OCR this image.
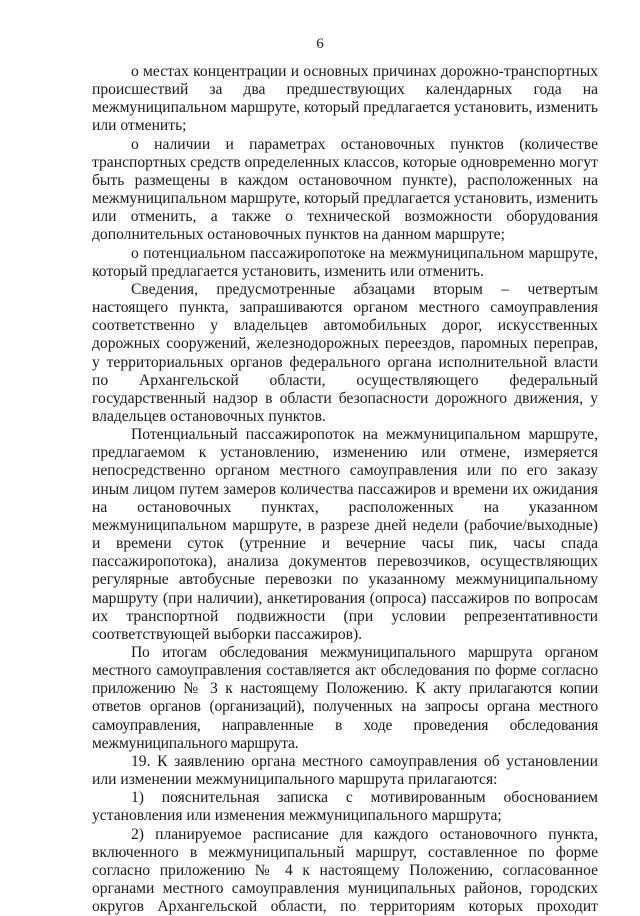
6

о местах концентрации и основных причинах дорожно-транспортных происшествий за два предшествующих календарных года на межмуниципальном маршруте, который предлагается установить, изменить или отменить;

о наличии и параметрах остановочных пунктов (количестве транспортных средств определенных классов, которые одновременно могут быть размещены в каждом остановочном пункте), расположенных на межмуниципальном маршруте, который предлагается установить, изменить или отменить, а также о технической возможности оборудования дополнительных остановочных пунктов на данном маршруте;

о потенциальном пассажиропотоке на межмуниципальном маршруте, который предлагается установить, изменить или отменить.

Сведения, предусмотренные абзацами вторым – четвертым настоящего пункта, запрашиваются органом местного самоуправления соответственно у владельцев автомобильных дорог, искусственных дорожных сооружений, железнодорожных переездов, паромных переправ, у территориальных органов федерального органа исполнительной власти по Архангельской области, осуществляющего федеральный государственный надзор в области безопасности дорожного движения, у владельцев остановочных пунктов.

Потенциальный пассажиропоток на межмуниципальном маршруте, предлагаемом к установлению, изменению или отмене, измеряется непосредственно органом местного самоуправления или по его заказу иным лицом путем замеров количества пассажиров и времени их ожидания на остановочных пунктах, расположенных на указанном межмуниципальном маршруте, в разрезе дней недели (рабочие/выходные) и времени суток (утренние и вечерние часы пик, часы спада пассажиропотока), анализа документов перевозчиков, осуществляющих регулярные автобусные перевозки по указанному межмуниципальному маршруту (при наличии), анкетирования (опроса) пассажиров по вопросам их транспортной подвижности (при условии репрезентативности соответствующей выборки пассажиров).

По итогам обследования межмуниципального маршрута органом местного самоуправления составляется акт обследования по форме согласно приложению № 3 к настоящему Положению. К акту прилагаются копии ответов органов (организаций), полученных на запросы органа местного самоуправления, направленные в ходе проведения обследования межмуниципального маршрута.

19. К заявлению органа местного самоуправления об установлении или изменении межмуниципального маршрута прилагаются:

1) пояснительная записка с мотивированным обоснованием установления или изменения межмуниципального маршрута;

2) планируемое расписание для каждого остановочного пункта, включенного в межмуниципальный маршрут, составленное по форме согласно приложению № 4 к настоящему Положению, согласованное органами местного самоуправления муниципальных районов, городских округов Архангельской области, по территориям которых проходит
